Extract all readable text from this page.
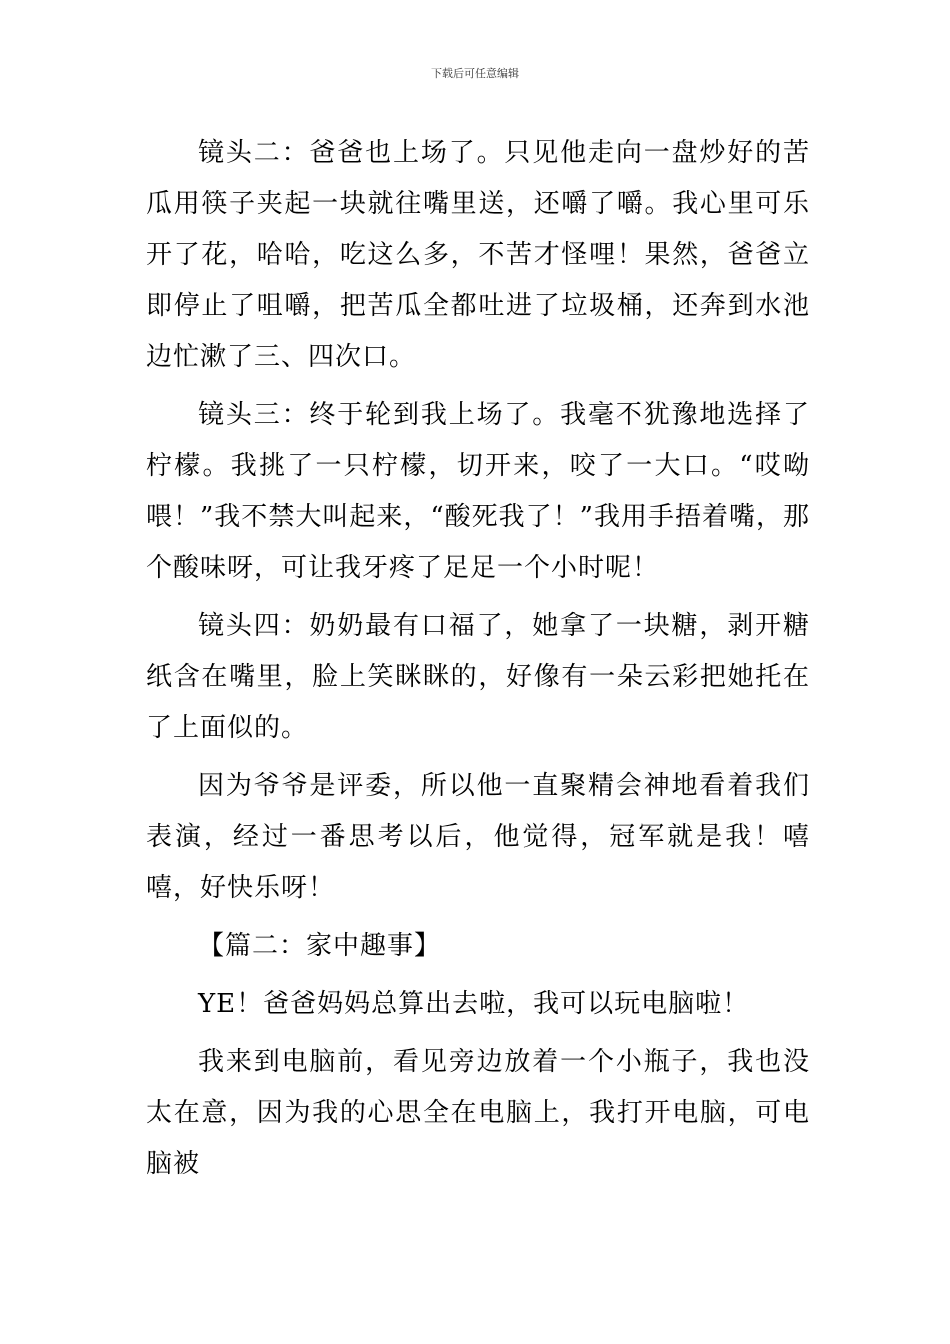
下载后可任意编辑

镜头二：爸爸也上场了。只见他走向一盘炒好的苦瓜用筷子夹起一块就往嘴里送，还嚼了嚼。我心里可乐开了花，哈哈，吃这么多，不苦才怪哩！果然，爸爸立即停止了咀嚼，把苦瓜全都吐进了垃圾桶，还奔到水池边忙漱了三、四次口。

镜头三：终于轮到我上场了。我毫不犹豫地选择了柠檬。我挑了一只柠檬，切开来，咬了一大口。“哎呦喂！”我不禁大叫起来，“酸死我了！”我用手捂着嘴，那个酸味呀，可让我牙疼了足足一个小时呢！

镜头四：奶奶最有口福了，她拿了一块糖，剥开糖纸含在嘴里，脸上笑眯眯的，好像有一朵云彩把她托在了上面似的。

因为爷爷是评委，所以他一直聚精会神地看着我们表演，经过一番思考以后，他觉得，冠军就是我！嘻嘻，好快乐呀！

【篇二：家中趣事】

YE！爸爸妈妈总算出去啦，我可以玩电脑啦！

我来到电脑前，看见旁边放着一个小瓶子，我也没太在意，因为我的心思全在电脑上，我打开电脑，可电脑被
